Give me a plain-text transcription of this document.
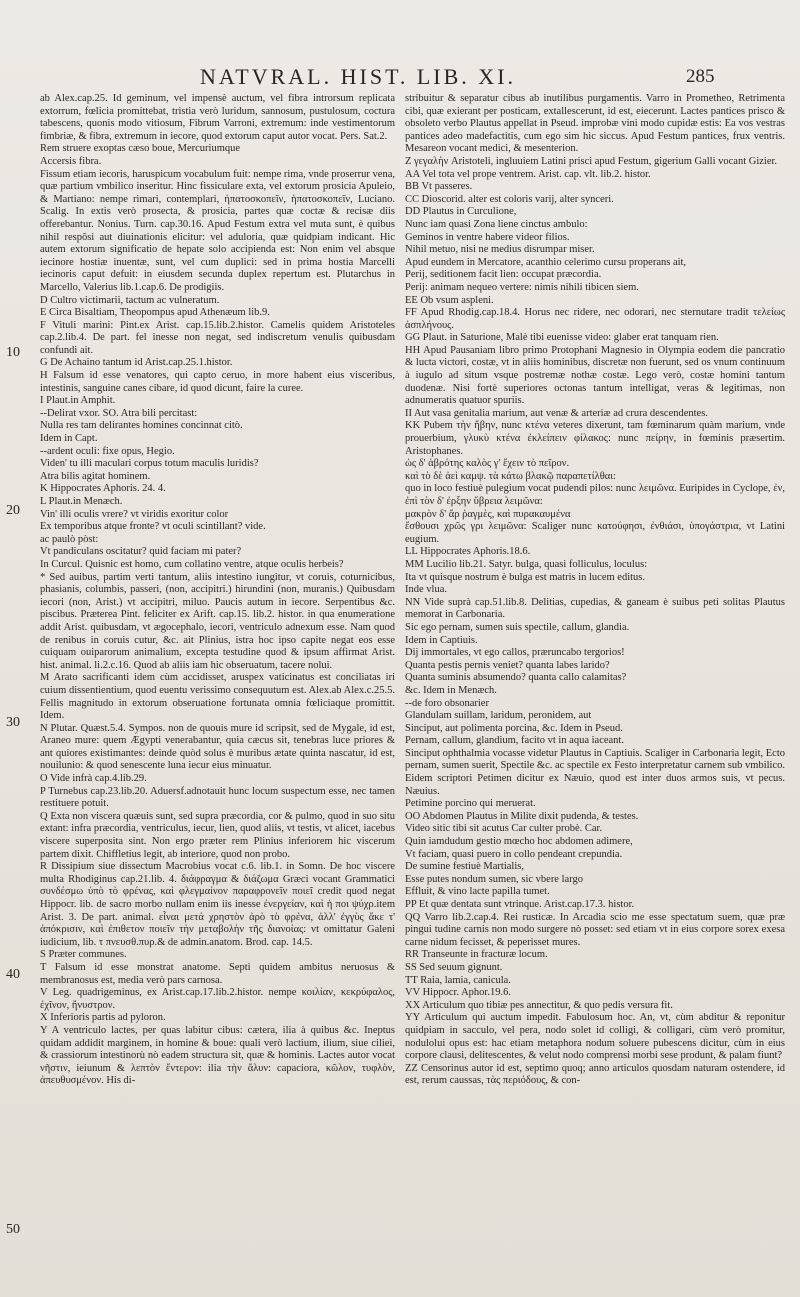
NATVRAL. HIST. LIB. XI.	285
10
20
30
40
50

ab Alex.cap.25. Id geminum, vel impensè auctum, vel fibra introrsum replicata extorrum, fœlicia promittebat, tristia verò luridum, sannosum, pustulosum, coctura tabescens, quonis modo vitiosum, Fibrum Varroni, extremum: inde vestimentorum fimbriæ, & fibra, extremum in iecore, quod extorum caput autor vocat. Pers. Sat.2.

Rem struere exoptas cæso boue, Mercuriumque

Accersis fibra.

Fissum etiam iecoris, haruspicum vocabulum fuit: nempe rima, vnde proserrur vena, quæ partium vmbilico inseritur. Hinc fissiculare exta, vel extorum prosicia Apuleio, & Martiano: nempe rimari, contemplari, ἡπατοσκοπεῖν, ἡπατοσκοπεῖν, Luciano. Scalig. In extis verò prosecta, & prosicia, partes quæ coctæ & recisæ diis offerebantur. Nonius. Turn. cap.30.16. Apud Festum extra vel muta sunt, è quibus nihil respõsi aut diuinationis elicitur: vel aduloria, quæ quidpiam indicant. Hic autem extorum significatio de hepate solo accipienda est: Non enim vel absque iecinore hostiæ inuentæ, sunt, vel cum duplici: sed in prima hostia Marcelli iecinoris caput defuit: in eiusdem secunda duplex repertum est. Plutarchus in Marcello, Valerius lib.1.cap.6. De prodigiis.

D Cultro victimarii, tactum ac vulneratum.

E Circa Bisaltiam, Theopompus apud Athenæum lib.9.

F Vituli marini: Pint.ex Arist. cap.15.lib.2.histor. Camelis quidem Aristoteles cap.2.lib.4. De part. fel inesse non negat, sed indiscretum venulis quibusdam confundi ait.

G De Achaino tantum id Arist.cap.25.1.histor.

H Falsum id esse venatores, qui capto ceruo, in more habent eius visceribus, intestinis, sanguine canes cibare, id quod dicunt, faire la curee.

I Plaut.in Amphit.

--Delirat vxor. SO. Atra bili percitast:

Nulla res tam delirantes homines concinnat citò.

Idem in Capt.

--ardent oculi: fixe opus, Hegio.

Viden' tu illi maculari corpus totum maculis luridis?

Atra bilis agitat hominem.

K Hippocrates Aphoris. 24. 4.

L Plaut.in Menæch.

Vin' illi oculis vrere? vt viridis exoritur color

Ex temporibus atque fronte? vt oculi scintillant? vide.

ac paulò pòst:

Vt pandiculans oscitatur? quid faciam mi pater?

In Curcul. Quisnic est homo, cum collatino ventre, atque oculis herbeis?

* Sed auibus, partim verti tantum, aliis intestino iungitur, vt coruis, coturnicibus, phasianis, columbis, passeri, (non, accipitri.) hirundini (non, muranis.) Quibusdam iecori (non, Arist.) vt accipitri, miluo. Paucis autum in iecore. Serpentibus &c. piscibus. Præterea Pint. feliciter ex Arift. cap.15. lib.2. histor. in qua enumeratione addit Arist. quibusdam, vt ægocephalo, iecori, ventriculo adnexum esse. Nam quod de renibus in coruis cutur, &c. ait Plinius, istra hoc ipso capite negat eos esse cuiquam ouiparorum animalium, excepta testudine quod & ipsum affirmat Arist. hist. animal. li.2.c.16. Quod ab aliis iam hic obseruatum, tacere nolui.

M Arato sacrificanti idem cùm accidisset, aruspex vaticinatus est conciliatas iri cuium dissentientium, quod euentu verissimo consequutum est. Alex.ab Alex.c.25.5. Fellis magnitudo in extorum obseruatione fortunata omnia fœliciaque promittit. Idem.

N Plutar. Quæst.5.4. Sympos. non de quouis mure id scripsit, sed de Mygale, id est, Araneo mure: quem Ægypti venerabantur, quia cæcus sit, tenebras luce priores & ant quiores existimantes: deinde quòd solus è muribus ætate quinta nascatur, id est, nouilunio: & quod senescente luna iecur eius minuatur.

O Vide infrà cap.4.lib.29.

P Turnebus cap.23.lib.20. Aduersf.adnotauit hunc locum suspectum esse, nec tamen restituere potuit.

Q Exta non viscera quæuis sunt, sed supra præcordia, cor & pulmo, quod in suo situ extant: infra præcordia, ventriculus, iecur, lien, quod aliis, vt testis, vt alicet, iacebus viscere superposita sint. Non ergo præter rem Plinius inferiorem hic viscerum partem dixit. Chiffletius legit, ab interiore, quod non probo.

R Dissipium siue dissectum Macrobius vocat c.6. lib.1. in Somn. De hoc viscere multa Rhodiginus cap.21.lib. 4. διάφραγμα & διάζωμα Græci vocant Grammatici συνδέσμω ὑπὸ τὸ φρένας, καὶ φλεγμαίνον παραφρονεῖν ποιεῖ credit quod negat Hippocr. lib. de sacro morbo nullam enim iis inesse ἐνεργείαν, καὶ ἡ ποι ψύχρ.item Arist. 3. De part. animal. εἶναι μετά χρηστὸν ἀρὸ τὸ φρένα, ἀλλ' ἐγγὺς ἄκε τ' ἀπόκρισιν, καὶ ἐπιθετον ποιεῖν τὴν μεταβολὴν τῆς διανοίας: vt omittatur Galeni iudicium, lib. τ πνευσθ.πυρ.& de admin.anatom. Brod. cap. 14.5.

S Præter communes.

T Falsum id esse monstrat anatome. Septi quidem ambitus neruosus & membranosus est, media verò pars carnosa.

V Leg. quadrigeminus, ex Arist.cap.17.lib.2.histor. nempe κοιλίαν, κεκρύφαλος, ἐχῖνον, ἤνυστρον.

X Inferioris partis ad pyloron.

Y A ventriculo lactes, per quas labitur cibus: cætera, ilia à quibus &c. Ineptus quidam addidit marginem, in homine & boue: quali verò lactium, ilium, siue ciliei, & crassiorum intestinorù nò eadem structura sit, quæ & hominis. Lactes autor vocat νῆστιν, ieiunum & λεπτὸν ἔντερον: ilia τὴν ἄλυν: capaciora, κῶλον, τυφλὸν, ἀπευθυσμένον. His di-

stribuitur & separatur cibus ab inutilibus purgamentis. Varro in Prometheo, Retrimenta cibi, quæ exierant per posticam, extallescerunt, id est, eiecerunt. Lactes pantices prisco & obsoleto verbo Plautus appellat in Pseud. improbæ vini modo cupidæ estis: Ea vos vestras pantices adeo madefactitis, cum ego sim hic siccus. Apud Festum pantices, frux ventris. Mesareon vocant medici, & mesenterion.

Z γεγαλὴν Aristoteli, ingluuiem Latini prisci apud Festum, gigerium Galli vocant Gizier.

AA Vel tota vel prope ventrem. Arist. cap. vlt. lib.2. histor.

BB Vt passeres.

CC Dioscorid. alter est coloris varij, alter synceri.

DD Plautus in Curculione,

Nunc iam quasi Zona liene cinctus ambulo:

Geminos in ventre habere videor filios.

Nihil metuo, nisi ne medius disrumpar miser.

Apud eundem in Mercatore, acanthio celerimo cursu properans ait,

Perij, seditionem facit lien: occupat præcordia.

Perij: animam nequeo vertere: nimis nihili tibicen siem.

EE Ob vsum aspleni.

FF Apud Rhodig.cap.18.4. Horus nec ridere, nec odorari, nec sternutare tradit τελείως ἀσπλήνους.

GG Plaut. in Saturione, Malè tibi euenisse video: glaber erat tanquam rien.

HH Apud Pausaniam libro primo Protophani Magnesio in Olympia eodem die pancratio & lucta victori, costæ, vt in aliis hominibus, discretæ non fuerunt, sed os vnum continuum à iugulo ad situm vsque postremæ nothæ costæ. Lego verò, costæ homini tantum duodenæ. Nisi fortè superiores octonas tantum intelligat, veras & legitimas, non adnumeratis quatuor spuriis.

II Aut vasa genitalia marium, aut venæ & arteriæ ad crura descendentes.

KK Pubem τὴν ἥβην, nunc κτένα veteres dixerunt, tam fœminarum quàm marium, vnde prouerbium, γλυκὺ κτένα ἐκλείπειν φίλακος: nunc πείρην, in fœminis præsertim. Aristophanes.

ὡς δ' ἁβρότης καλὸς γ' ἔχειν τὸ πεῖρον.

καὶ τὸ δὲ ἀεὶ καμψ. τὰ κάτω βλακῷ παραπετίλθαι:

quo in loco festiuè pulegium vocat pudendi pilos: nunc λειμῶνα. Euripides in Cyclope, ἐν, ἐπὶ τὸν δ' ἐρξην ὕβρεια λειμῶνα:

μακρὸν δ' ἄρ ῥαγμὲς, καὶ πυρακαυμένα

ἔσθουσι χρῶς γρι λειμῶνα: Scaliger nunc κατούφησι, ἐνθιάσι, ὑπογάστρια, vt Latini eugium.

LL Hippocrates Aphoris.18.6.

MM Lucilio lib.21. Satyr. bulga, quasi folliculus, loculus:

Ita vt quisque nostrum è bulga est matris in lucem editus.

Inde vlua.

NN Vide suprà cap.51.lib.8. Delitias, cupedias, & ganeam è suibus peti solitas Plautus memorat in Carbonaria.

Sic ego pernam, sumen suis spectile, callum, glandia.

Idem in Captiuis.

Dij immortales, vt ego callos, præruncabo tergorios!

Quanta pestis pernis veniet? quanta labes larido?

Quanta suminis absumendo? quanta callo calamitas?

&c. Idem in Menæch.

--de foro obsonarier

Glandulam suillam, laridum, peronidem, aut

Sinciput, aut polimenta porcina, &c. Idem in Pseud.

Pernam, callum, glandium, facito vt in aqua iaceant.

Sinciput ophthalmia vocasse videtur Plautus in Captiuis. Scaliger in Carbonaria legit, Ecto pernam, sumen suerit, Spectile &c. ac spectile ex Festo interpretatur carnem sub vmbilico. Eidem scriptori Petimen dicitur ex Næuio, quod est inter duos armos suis, vt pecus. Næuius.

Petimine porcino qui meruerat.

OO Abdomen Plautus in Milite dixit pudenda, & testes.

Video sitic tibi sit acutus Car culter probè. Car.

Quin iamdudum gestio mœcho hoc abdomen adimere,

Vt faciam, quasi puero in collo pendeant crepundia.

De sumine festiuè Martialis,

Esse putes nondum sumen, sic vbere largo

Effluit, & vino lacte papilla tumet.

PP Et quæ dentata sunt vtrinque. Arist.cap.17.3. histor.

QQ Varro lib.2.cap.4. Rei rusticæ. In Arcadia scio me esse spectatum suem, quæ præ pingui tudine carnis non modo surgere nò posset: sed etiam vt in eius corpore sorex exesa carne nidum fecisset, & peperisset mures.

RR Transeunte in fracturæ locum.

SS Sed seuum gignunt.

TT Raia, lamia, canicula.

VV Hippocr. Aphor.19.6.

XX Articulum quo tibiæ pes annectitur, & quo pedis versura fit.

YY Articulum qui auctum impedit. Fabulosum hoc. An, vt, cùm abditur & reponitur quidpiam in sacculo, vel pera, nodo solet id colligi, & colligari, cùm verò promitur, nodulolui opus est: hac etiam metaphora nodum soluere pubescens dicitur, cùm in eius corpore clausi, delitescentes, & velut nodo comprensi morbi sese produnt, & palam fiunt?

ZZ Censorinus autor id est, septimo quoq; anno articulos quosdam naturam ostendere, id est, rerum caussas, τὰς περιόδους, & con-
